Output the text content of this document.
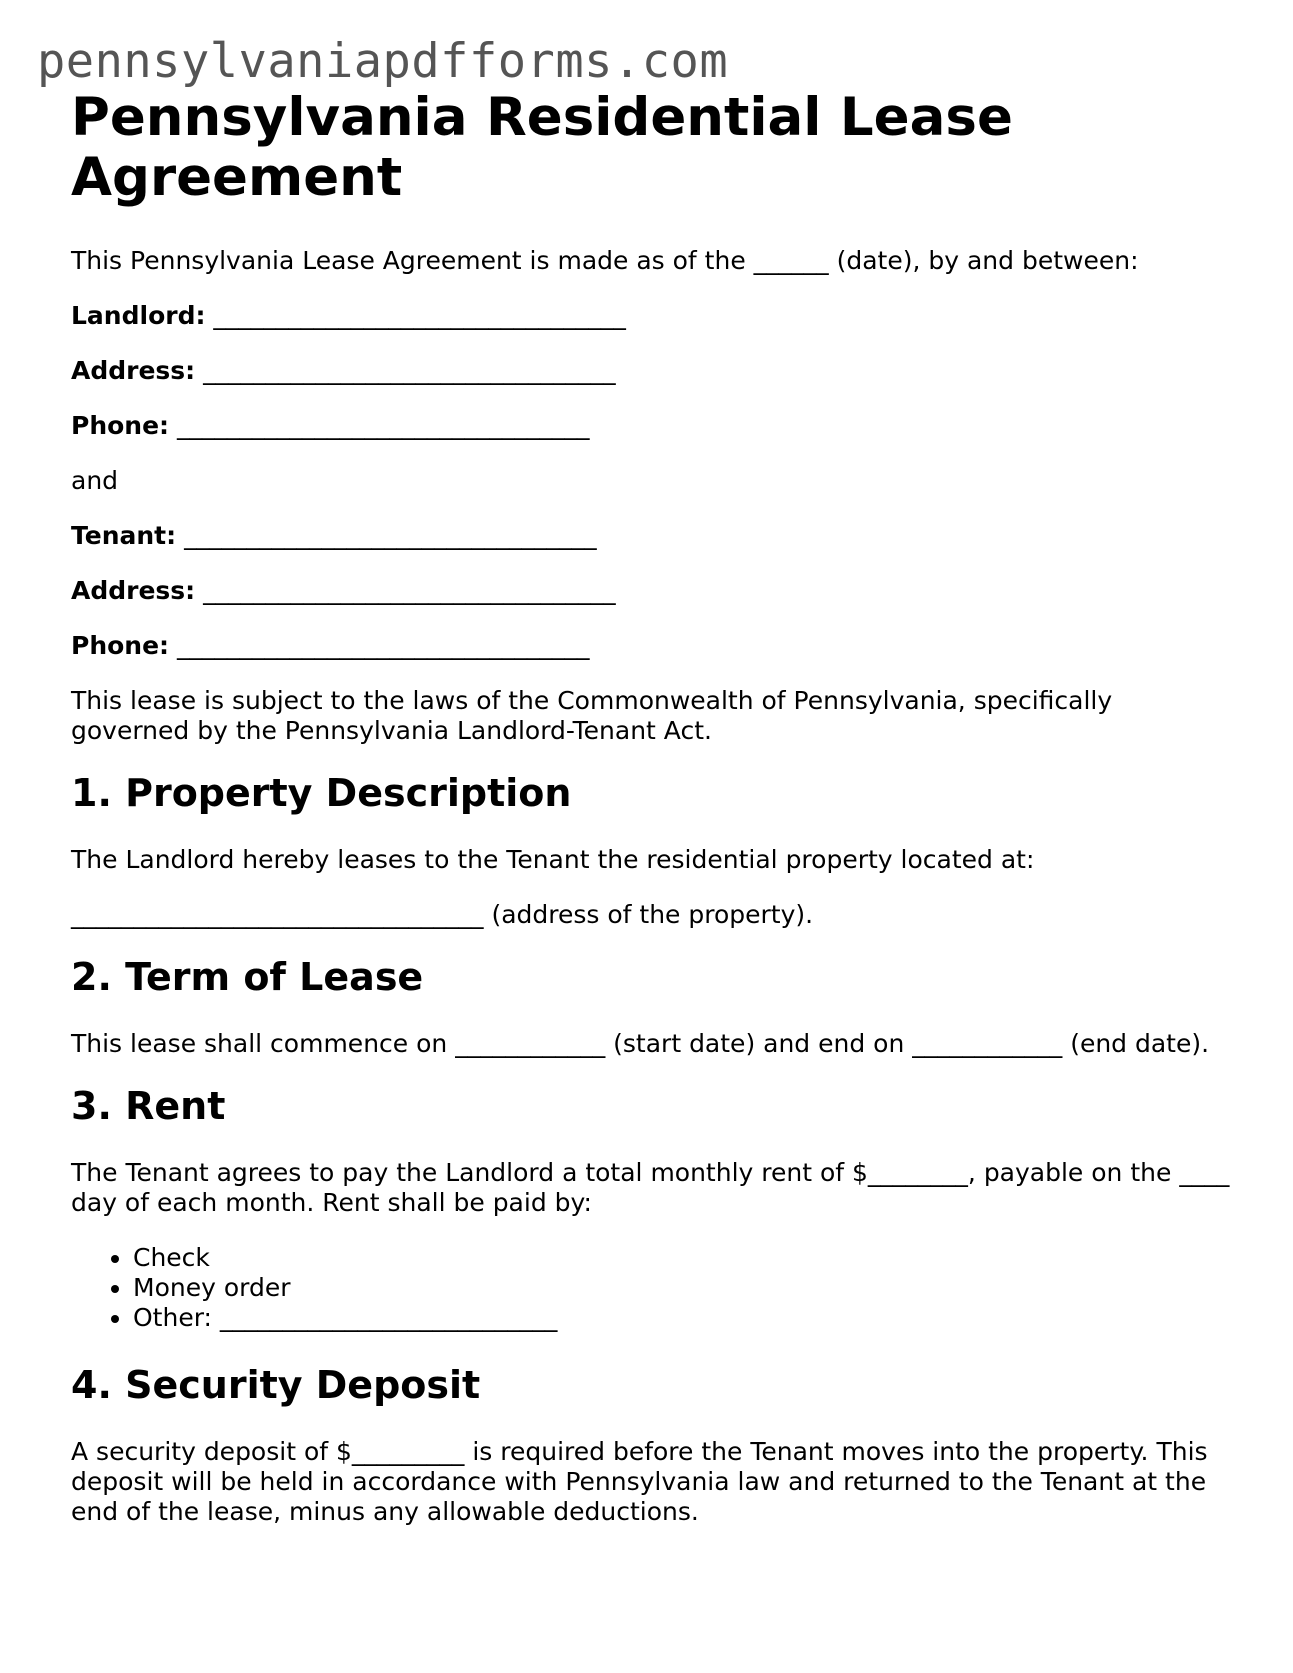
pennsylvaniapdfforms.com
Pennsylvania Residential Lease Agreement

This Pennsylvania Lease Agreement is made as of the ______ (date), by and between:

Landlord: _________________________________
Address: _________________________________
Phone: _________________________________

and

Tenant: _________________________________
Address: _________________________________
Phone: _________________________________

This lease is subject to the laws of the Commonwealth of Pennsylvania, specifically governed by the Pennsylvania Landlord-Tenant Act.

1. Property Description

The Landlord hereby leases to the Tenant the residential property located at:

_________________________________ (address of the property).

2. Term of Lease

This lease shall commence on ____________ (start date) and end on ____________ (end date).

3. Rent

The Tenant agrees to pay the Landlord a total monthly rent of $________, payable on the ____ day of each month. Rent shall be paid by:

• Check
• Money order
• Other: ___________________________
4. Security Deposit

A security deposit of $_________ is required before the Tenant moves into the property. This deposit will be held in accordance with Pennsylvania law and returned to the Tenant at the end of the lease, minus any allowable deductions.
